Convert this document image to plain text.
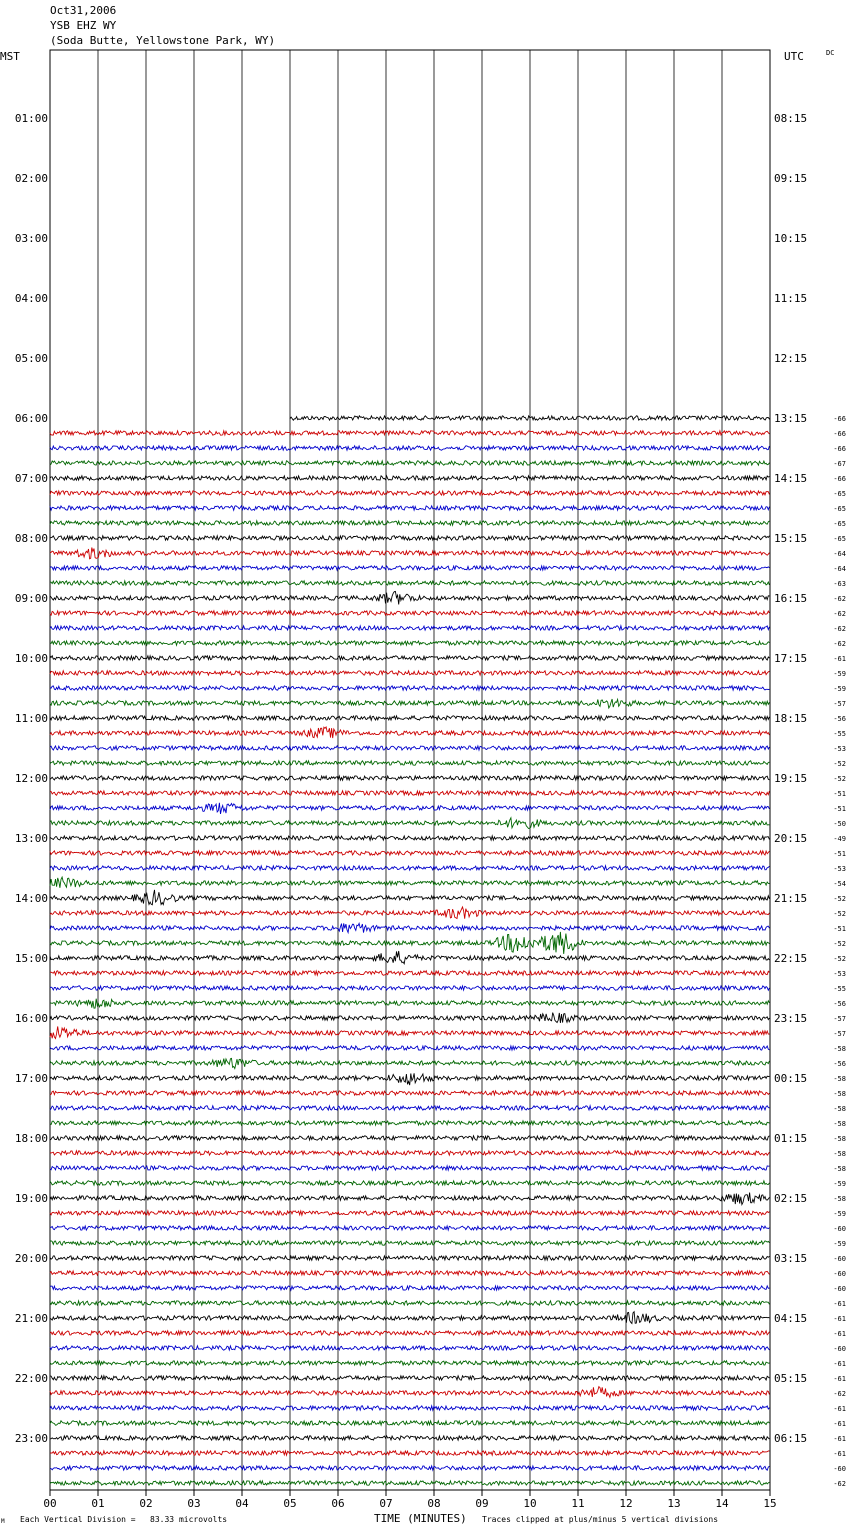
Oct31,2006
YSB EHZ WY
(Soda Butte, Yellowstone Park, WY)
MST	UTC	DC
00	01	02	03	04	05	06	07	08	09	10	11	12	13	14	15
01:00
02:00
03:00
04:00
05:00
06:00
07:00
08:00
09:00
10:00
11:00
12:00
13:00
14:00
15:00
16:00
17:00
18:00
19:00
20:00
21:00
22:00
23:00
08:15
09:15
10:15
11:15
12:15
13:15
14:15
15:15
16:15
17:15
18:15
19:15
20:15
21:15
22:15
23:15
00:15
01:15
02:15
03:15
04:15
05:15
06:15
-66
-66
-66
-67
-66
-65
-65
-65
-65
-64
-64
-63
-62
-62
-62
-62
-61
-59
-59
-57
-56
-55
-53
-52
-52
-51
-51
-50
-49
-51
-53
-54
-52
-52
-51
-52
-52
-53
-55
-56
-57
-57
-58
-56
-58
-58
-58
-58
-58
-58
-58
-59
-58
-59
-60
-59
-60
-60
-60
-61
-61
-61
-60
-61
-61
-62
-61
-61
-61
-61
-60
-62
Each Vertical Division =   83.33 microvolts	TIME (MINUTES) Traces clipped at plus/minus 5 vertical divisions
M
